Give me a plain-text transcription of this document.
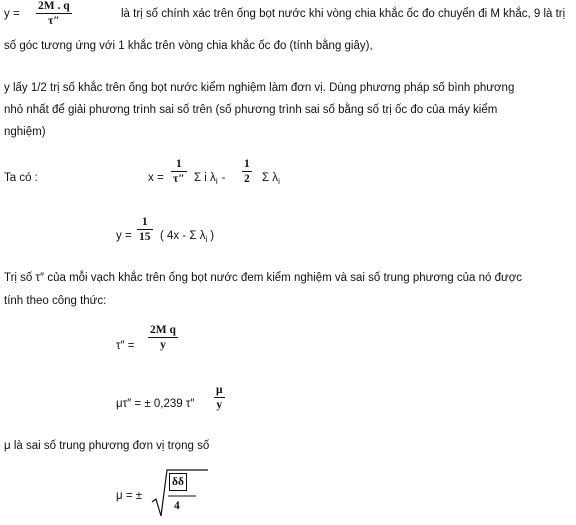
y =
2M . q
τ″
là trị số chính xác trên ống bọt nước khi vòng chia khắc ốc đo chuyển đi M khắc, 9 là trị
số góc tương ứng với 1 khắc trên vòng chia khắc ốc đo (tính bằng giây),
y lấy 1/2 trị số khắc trên ống bọt nước kiểm nghiệm làm đơn vị. Dùng phương pháp số bình phương
nhỏ nhất để giải phương trình sai số trên (số phương trình sai số bằng số trị ốc đo của máy kiểm
nghiệm)
Ta có :	x =
1
τ″ Σ i $\lambda_i$ -
1
2 Σ $\lambda_i$
y =
1
15 ( 4x - Σ $\lambda_i$ )
Trị số τ″ của mỗi vạch khắc trên ống bọt nước đem kiểm nghiệm và sai số trung phương của nó được
tính theo công thức:
τ″ =
2M q
y
μτ″ = ± 0,239 τ″
μ
y
μ là sai số trung phương đơn vị trọng số
μ = ±
δδ
4
